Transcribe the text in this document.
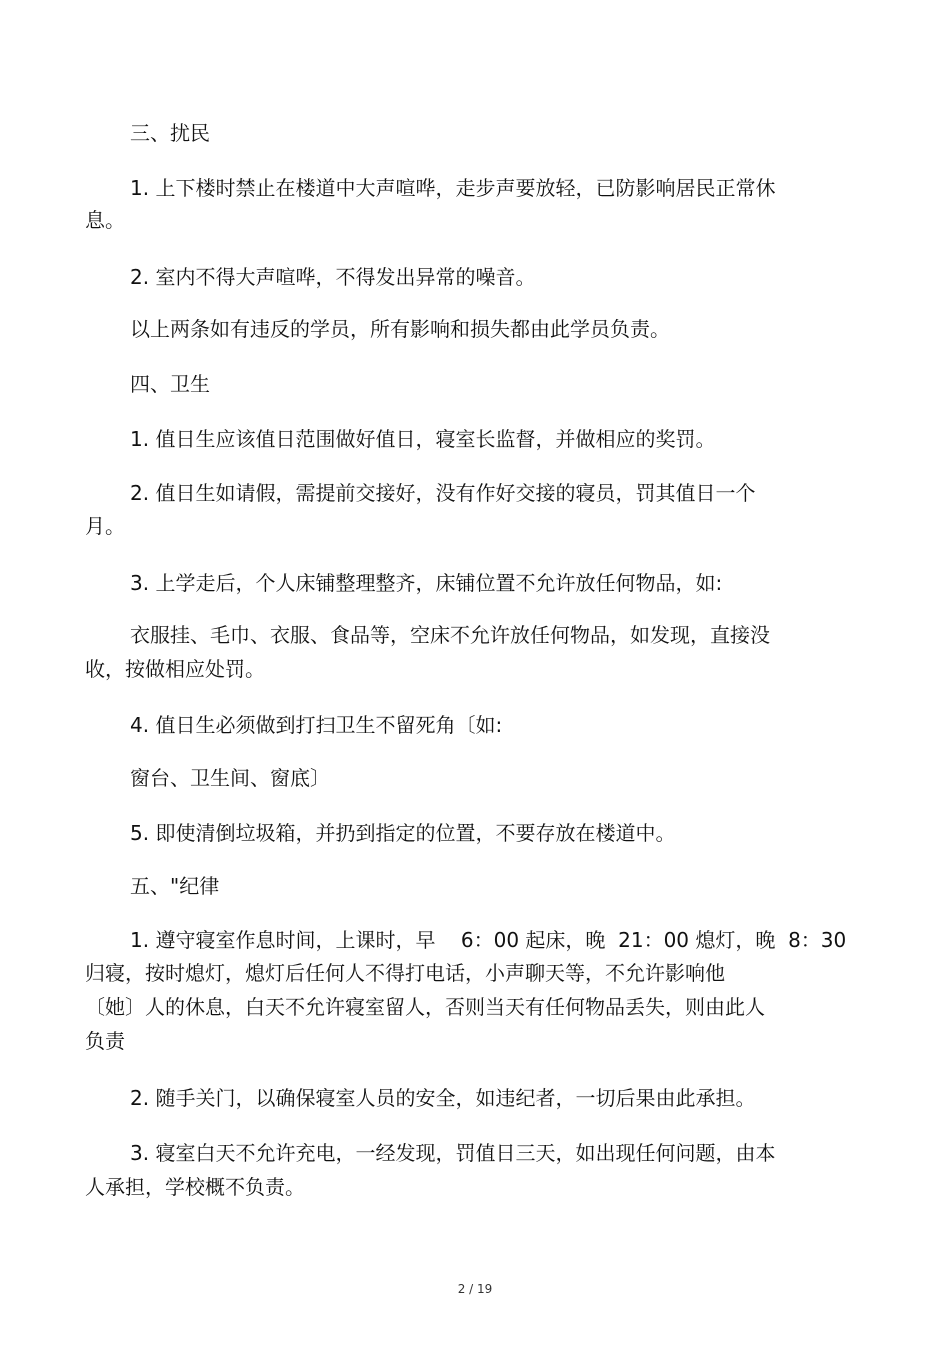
三、扰民

1. 上下楼时禁止在楼道中大声喧哗，走步声要放轻，已防影响居民正常休

息。

2. 室内不得大声喧哗，不得发出异常的噪音。

以上两条如有违反的学员，所有影响和损失都由此学员负责。

四、卫生

1. 值日生应该值日范围做好值日，寝室长监督，并做相应的奖罚。

2. 值日生如请假，需提前交接好，没有作好交接的寝员，罚其值日一个

月。

3. 上学走后，个人床铺整理整齐，床铺位置不允许放任何物品，如:

衣服挂、毛巾、衣服、食品等，空床不允许放任何物品，如发现，直接没

收，按做相应处罚。

4. 值日生必须做到打扫卫生不留死角〔如:

窗台、卫生间、窗底〕

5. 即使清倒垃圾箱，并扔到指定的位置，不要存放在楼道中。

五、"纪律

1. 遵守寝室作息时间，上课时，早    6：00 起床，晚  21：00 熄灯，晚  8：30

归寝，按时熄灯，熄灯后任何人不得打电话，小声聊天等，不允许影响他

〔她〕人的休息，白天不允许寝室留人，否则当天有任何物品丢失，则由此人

负责

2. 随手关门，以确保寝室人员的安全，如违纪者，一切后果由此承担。

3. 寝室白天不允许充电，一经发现，罚值日三天，如出现任何问题，由本

人承担，学校概不负责。

2 / 19
